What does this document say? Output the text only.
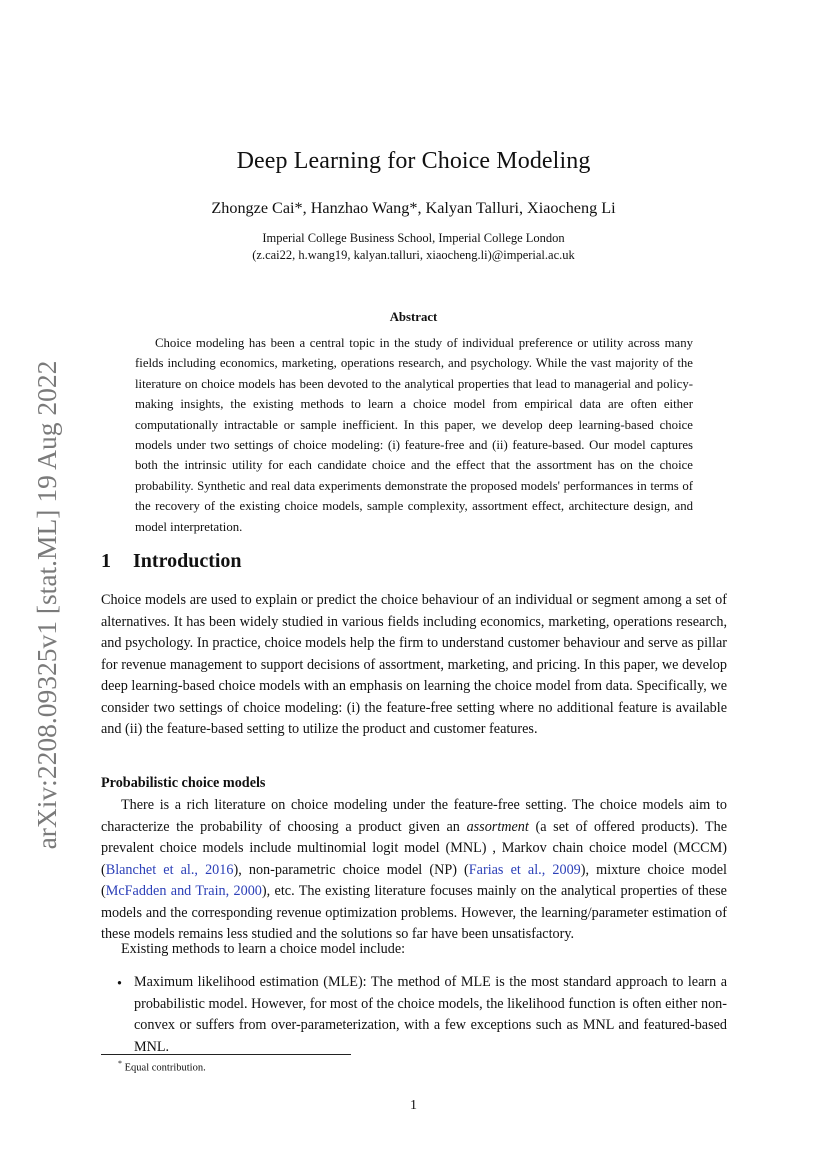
arXiv:2208.09325v1 [stat.ML] 19 Aug 2022
Deep Learning for Choice Modeling
Zhongze Cai*, Hanzhao Wang*, Kalyan Talluri, Xiaocheng Li
Imperial College Business School, Imperial College London
(z.cai22, h.wang19, kalyan.talluri, xiaocheng.li)@imperial.ac.uk
Abstract
Choice modeling has been a central topic in the study of individual preference or utility across many fields including economics, marketing, operations research, and psychology. While the vast majority of the literature on choice models has been devoted to the analytical properties that lead to managerial and policy-making insights, the existing methods to learn a choice model from empirical data are often either computationally intractable or sample inefficient. In this paper, we develop deep learning-based choice models under two settings of choice modeling: (i) feature-free and (ii) feature-based. Our model captures both the intrinsic utility for each candidate choice and the effect that the assortment has on the choice probability. Synthetic and real data experiments demonstrate the proposed models' performances in terms of the recovery of the existing choice models, sample complexity, assortment effect, architecture design, and model interpretation.
1 Introduction
Choice models are used to explain or predict the choice behaviour of an individual or segment among a set of alternatives. It has been widely studied in various fields including economics, marketing, operations research, and psychology. In practice, choice models help the firm to understand customer behaviour and serve as pillar for revenue management to support decisions of assortment, marketing, and pricing. In this paper, we develop deep learning-based choice models with an emphasis on learning the choice model from data. Specifically, we consider two settings of choice modeling: (i) the feature-free setting where no additional feature is available and (ii) the feature-based setting to utilize the product and customer features.
Probabilistic choice models
There is a rich literature on choice modeling under the feature-free setting. The choice models aim to characterize the probability of choosing a product given an assortment (a set of offered products). The prevalent choice models include multinomial logit model (MNL) , Markov chain choice model (MCCM) (Blanchet et al., 2016), non-parametric choice model (NP) (Farias et al., 2009), mixture choice model (McFadden and Train, 2000), etc. The existing literature focuses mainly on the analytical properties of these models and the corresponding revenue optimization problems. However, the learning/parameter estimation of these models remains less studied and the solutions so far have been unsatisfactory.
Existing methods to learn a choice model include:
• Maximum likelihood estimation (MLE): The method of MLE is the most standard approach to learn a probabilistic model. However, for most of the choice models, the likelihood function is often either non-convex or suffers from over-parameterization, with a few exceptions such as MNL and featured-based MNL.
* Equal contribution.
1
